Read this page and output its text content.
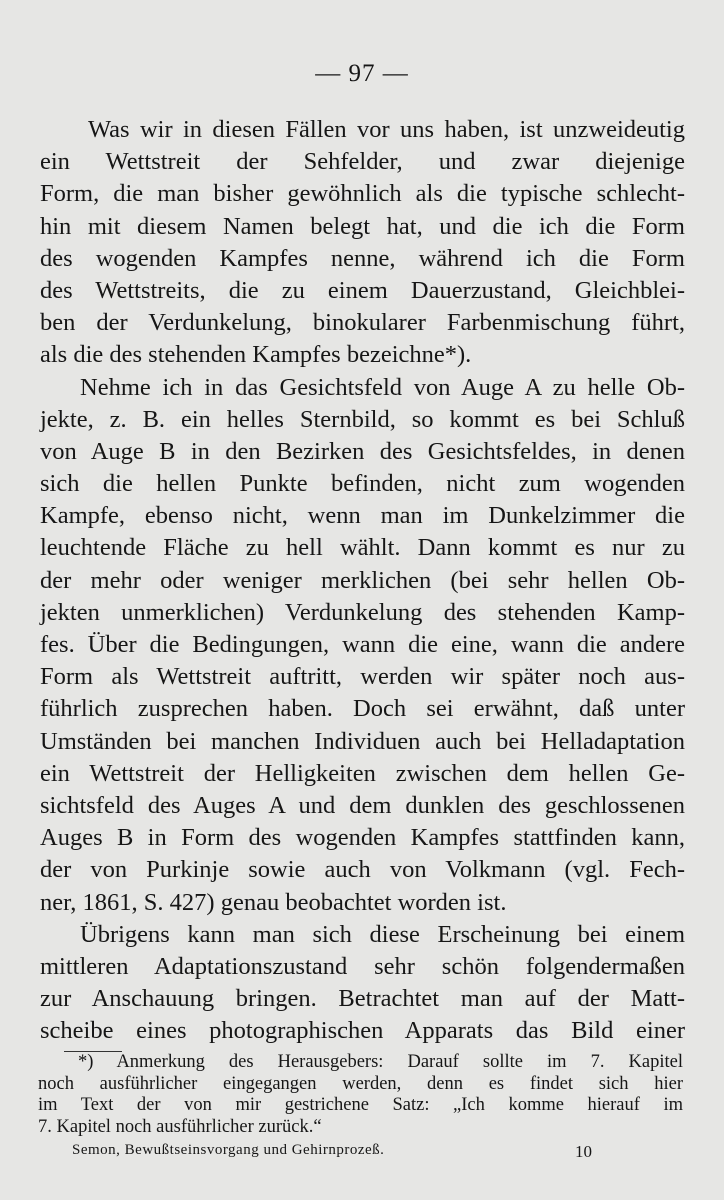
— 97 —
Was wir in diesen Fällen vor uns haben, ist unzweideutig
ein Wettstreit der Sehfelder, und zwar diejenige
Form, die man bisher gewöhnlich als die typische schlecht-
hin mit diesem Namen belegt hat, und die ich die Form
des wogenden Kampfes nenne, während ich die Form
des Wettstreits, die zu einem Dauerzustand, Gleichblei-
ben der Verdunkelung, binokularer Farbenmischung führt,
als die des stehenden Kampfes bezeichne*).
Nehme ich in das Gesichtsfeld von Auge A zu helle Ob-
jekte, z. B. ein helles Sternbild, so kommt es bei Schluß
von Auge B in den Bezirken des Gesichtsfeldes, in denen
sich die hellen Punkte befinden, nicht zum wogenden
Kampfe, ebenso nicht, wenn man im Dunkelzimmer die
leuchtende Fläche zu hell wählt. Dann kommt es nur zu
der mehr oder weniger merklichen (bei sehr hellen Ob-
jekten unmerklichen) Verdunkelung des stehenden Kamp-
fes. Über die Bedingungen, wann die eine, wann die andere
Form als Wettstreit auftritt, werden wir später noch aus-
führlich zusprechen haben. Doch sei erwähnt, daß unter
Umständen bei manchen Individuen auch bei Helladaptation
ein Wettstreit der Helligkeiten zwischen dem hellen Ge-
sichtsfeld des Auges A und dem dunklen des geschlossenen
Auges B in Form des wogenden Kampfes stattfinden kann,
der von Purkinje sowie auch von Volkmann (vgl. Fech-
ner, 1861, S. 427) genau beobachtet worden ist.
Übrigens kann man sich diese Erscheinung bei einem
mittleren Adaptationszustand sehr schön folgendermaßen
zur Anschauung bringen. Betrachtet man auf der Matt-
scheibe eines photographischen Apparats das Bild einer
*) Anmerkung des Herausgebers: Darauf sollte im 7. Kapitel
noch ausführlicher eingegangen werden, denn es findet sich hier
im Text der von mir gestrichene Satz: „Ich komme hierauf im
7. Kapitel noch ausführlicher zurück.“
Semon, Bewußtseinsvorgang und Gehirnprozeß.	10
